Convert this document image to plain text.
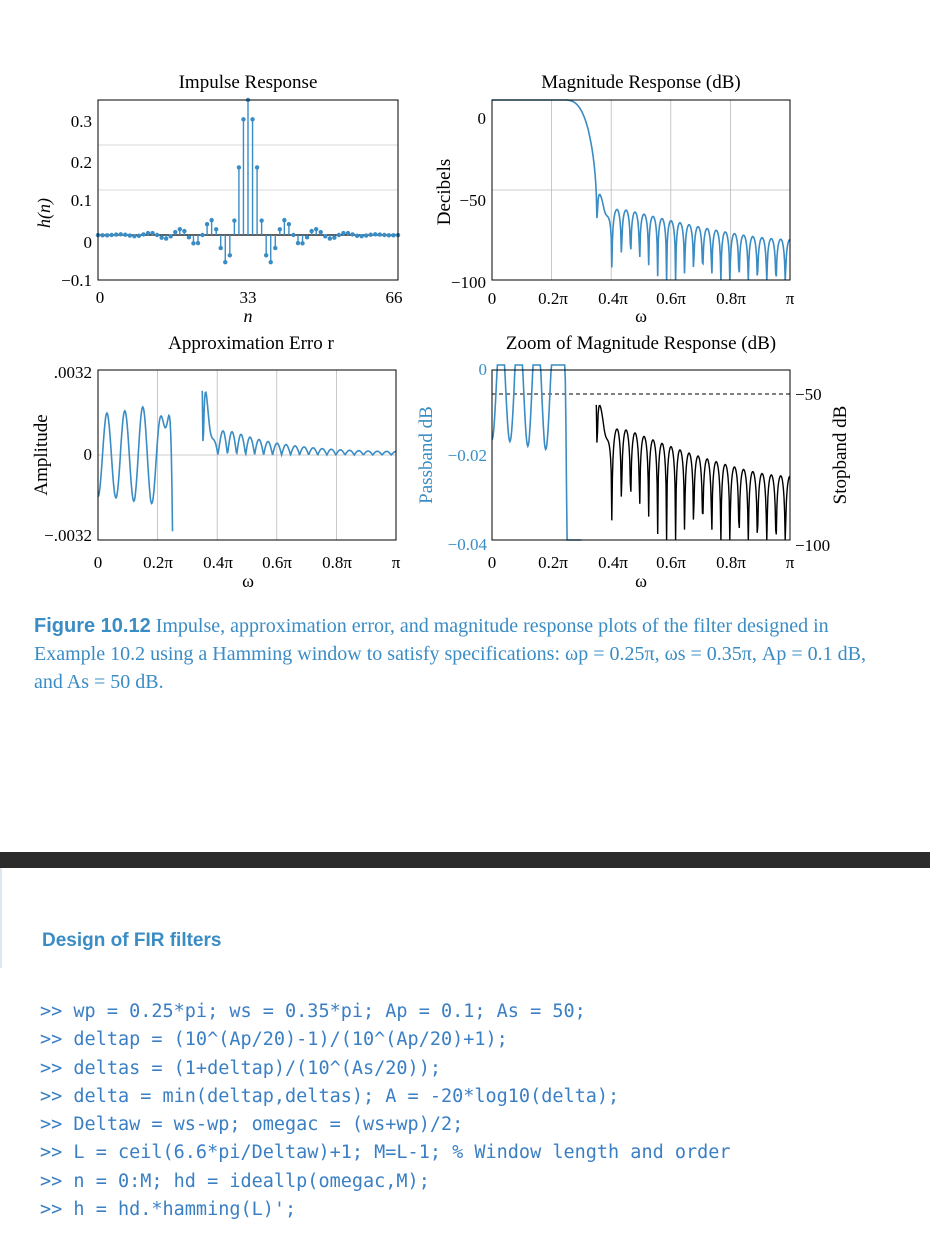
Impulse Response
0.3
0.2
0.1
0
−0.1
0	33	66
n
h(n)
Magnitude Response (dB)
0
−50
−100
0 0.2π 0.4π 0.6π 0.8π π
ω
Decibels
Approximation Erro r
.0032
0
−.0032
0 0.2π 0.4π 0.6π 0.8π π
ω
Amplitude
Zoom of Magnitude Response (dB)
0
−0.02
−0.04
−50
−100
0 0.2π 0.4π 0.6π 0.8π π
ω
Passband dB	Stopband dB

Figure 10.12 Impulse, approximation error, and magnitude response plots of the filter designed in Example 10.2 using a Hamming window to satisfy specifications: ωp = 0.25π, ωs = 0.35π, Ap = 0.1 dB, and As = 50 dB.

Design of FIR filters
>> wp = 0.25*pi; ws = 0.35*pi; Ap = 0.1; As = 50;
>> deltap = (10^(Ap/20)-1)/(10^(Ap/20)+1);
>> deltas = (1+deltap)/(10^(As/20));
>> delta = min(deltap,deltas); A = -20*log10(delta);
>> Deltaw = ws-wp; omegac = (ws+wp)/2;
>> L = ceil(6.6*pi/Deltaw)+1; M=L-1; % Window length and order
>> n = 0:M; hd = ideallp(omegac,M);
>> h = hd.*hamming(L)';
